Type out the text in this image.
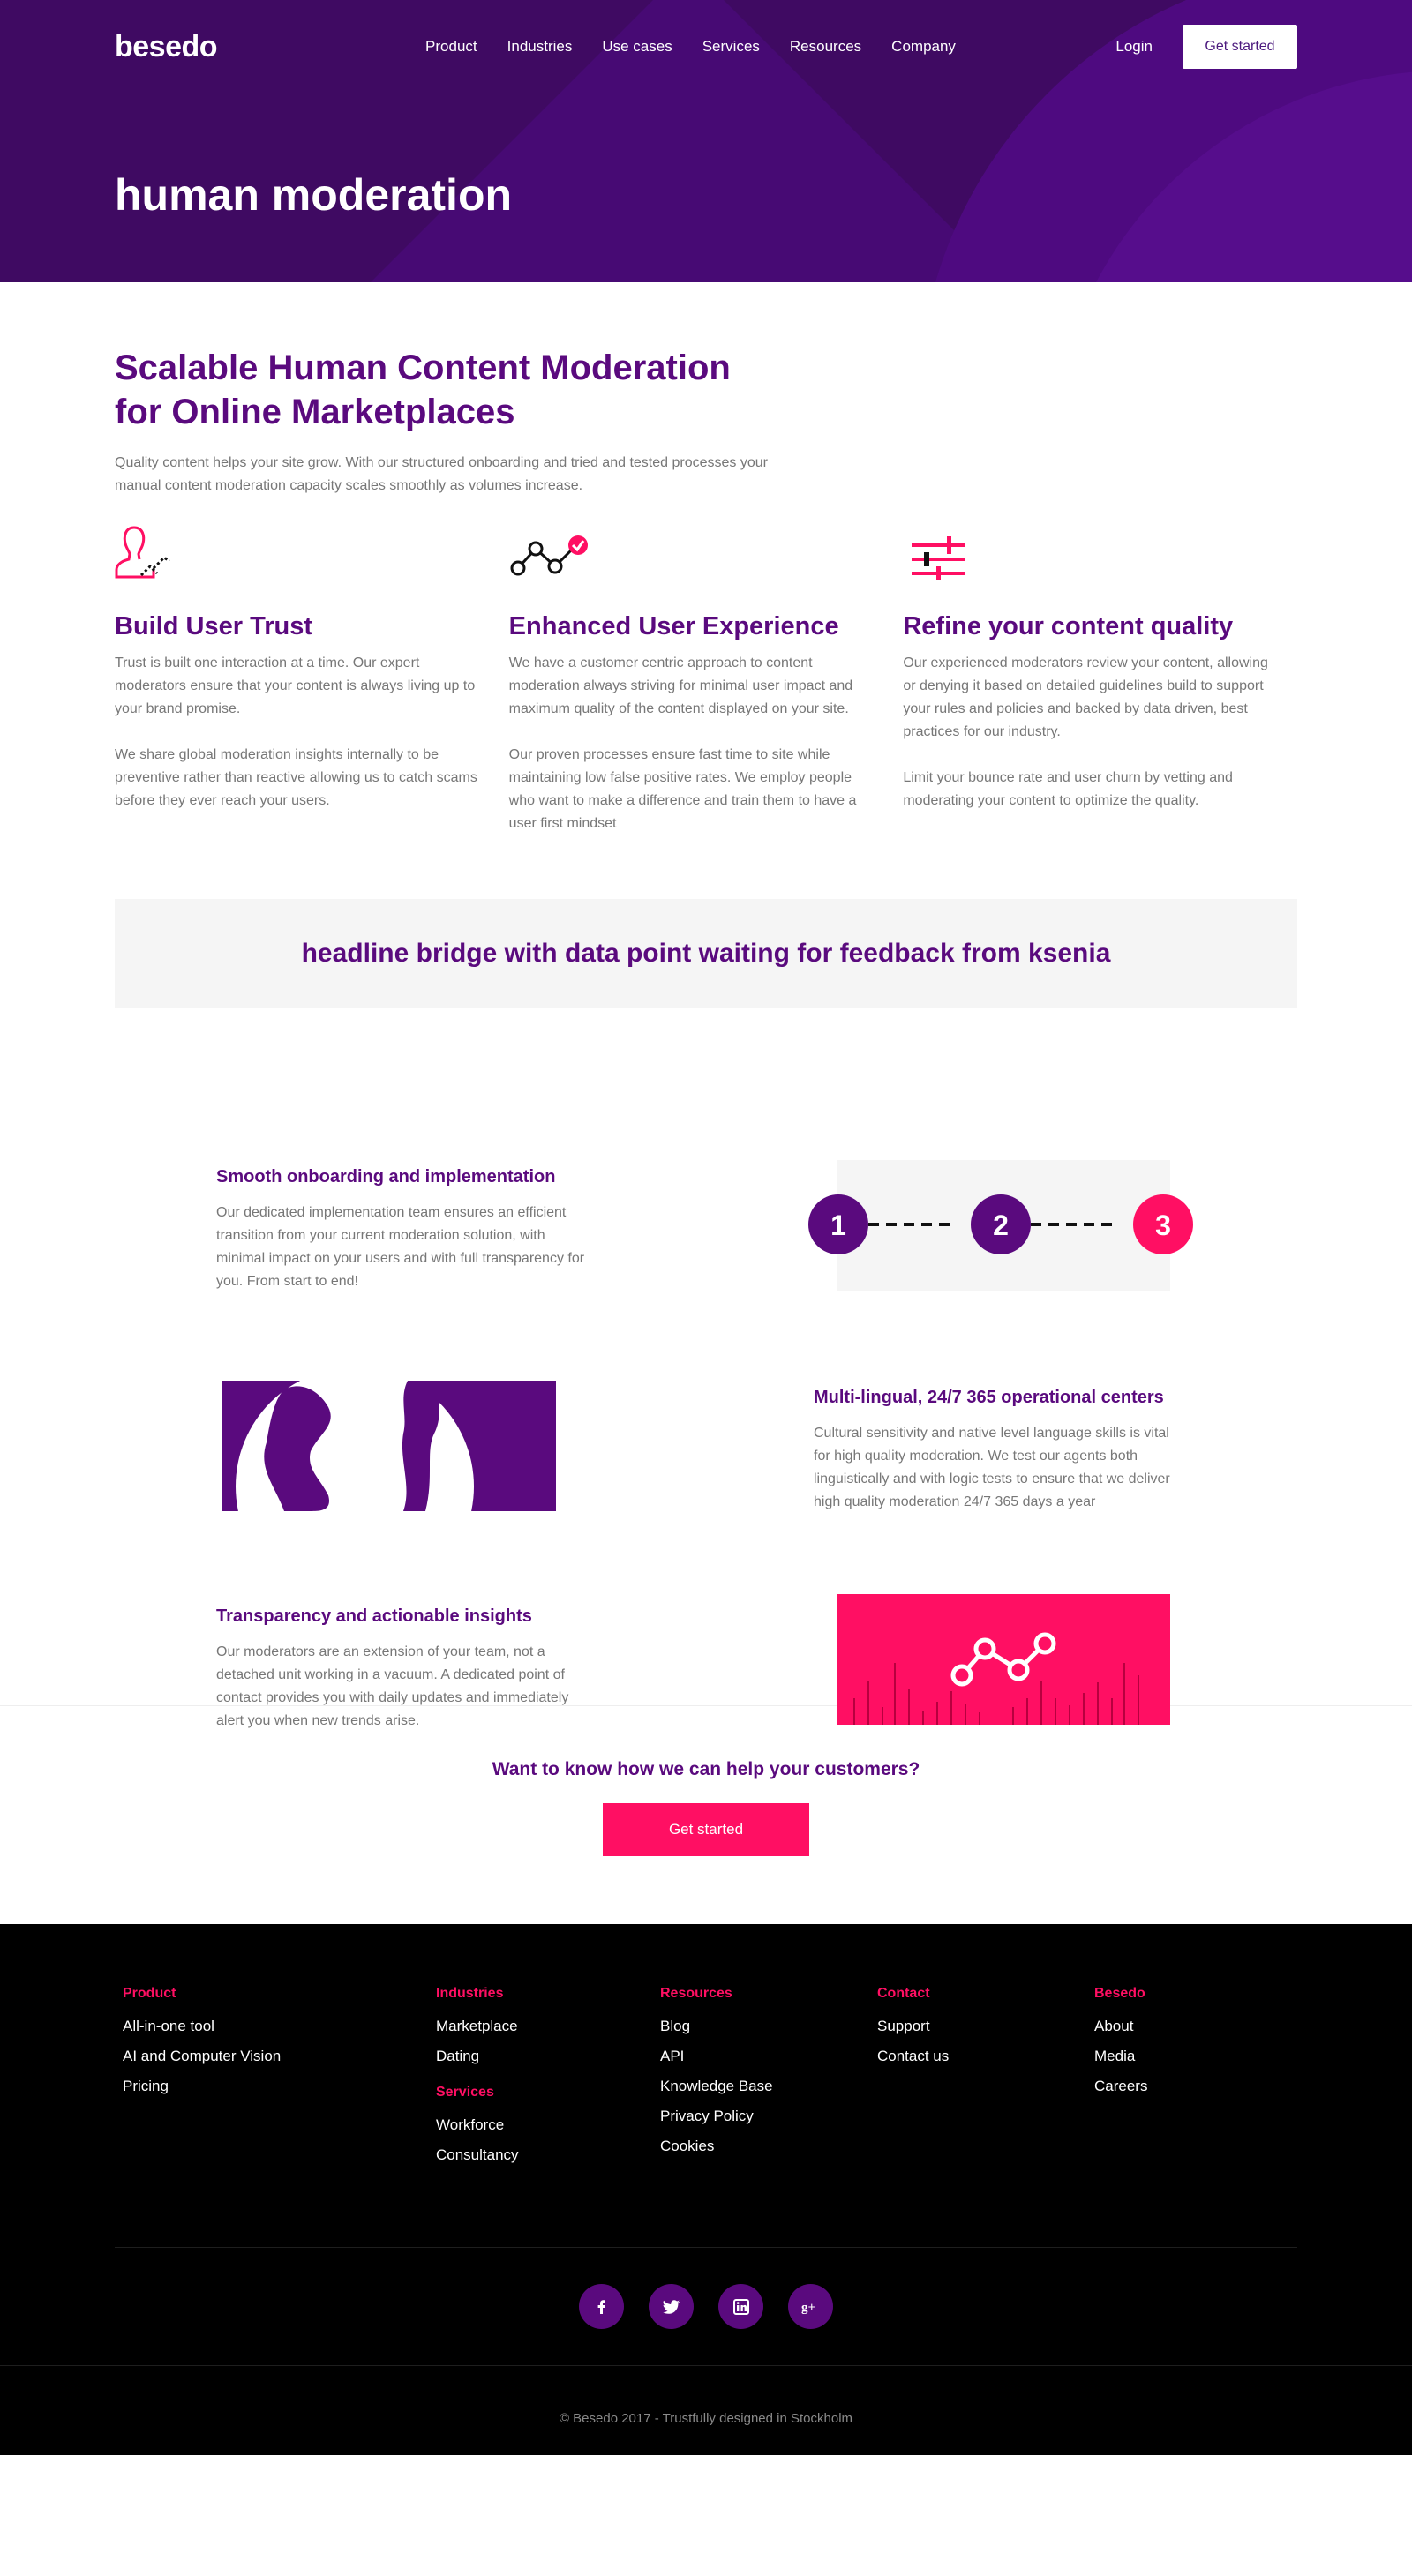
besedo	Product Industries Use cases Services Resources Company	Login	Get started
human moderation
Scalable Human Content Moderation
for Online Marketplaces

Quality content helps your site grow. With our structured onboarding and tried and tested processes your manual content moderation capacity scales smoothly as volumes increase.

Build User Trust

Trust is built one interaction at a time. Our expert moderators ensure that your content is always living up to your brand promise.

We share global moderation insights internally to be preventive rather than reactive allowing us to catch scams before they ever reach your users.

Enhanced User Experience

We have a customer centric approach to content moderation always striving for minimal user impact and maximum quality of the content displayed on your site.

Our proven processes ensure fast time to site while maintaining low false positive rates. We employ people who want to make a difference and train them to have a user first mindset

Refine your content quality

Our experienced moderators review your content, allowing or denying it based on detailed guidelines build to support your rules and policies and backed by data driven, best practices for our industry.

Limit your bounce rate and user churn by vetting and moderating your content to optimize the quality.

headline bridge with data point waiting for feedback from ksenia
Smooth onboarding and implementation

Our dedicated implementation team ensures an efficient transition from your current moderation solution, with minimal impact on your users and with full transparency for you. From start to end!

1	2	3
Multi-lingual, 24/7 365 operational centers

Cultural sensitivity and native level language skills is vital for high quality moderation. We test our agents both linguistically and with logic tests to ensure that we deliver high quality moderation 24/7 365 days a year

Transparency and actionable insights

Our moderators are an extension of your team, not a detached unit working in a vacuum. A dedicated point of contact provides you with daily updates and immediately alert you when new trends arise.

Want to know how we can help your customers?
Get started
Product
All-in-one tool
AI and Computer Vision
Pricing
Industries
Marketplace
Dating
Services
Workforce
Consultancy
Resources
Blog
API
Knowledge Base
Privacy Policy
Cookies
Contact
Support
Contact us
Besedo
About
Media
Careers
g+
© Besedo 2017 - Trustfully designed in Stockholm
